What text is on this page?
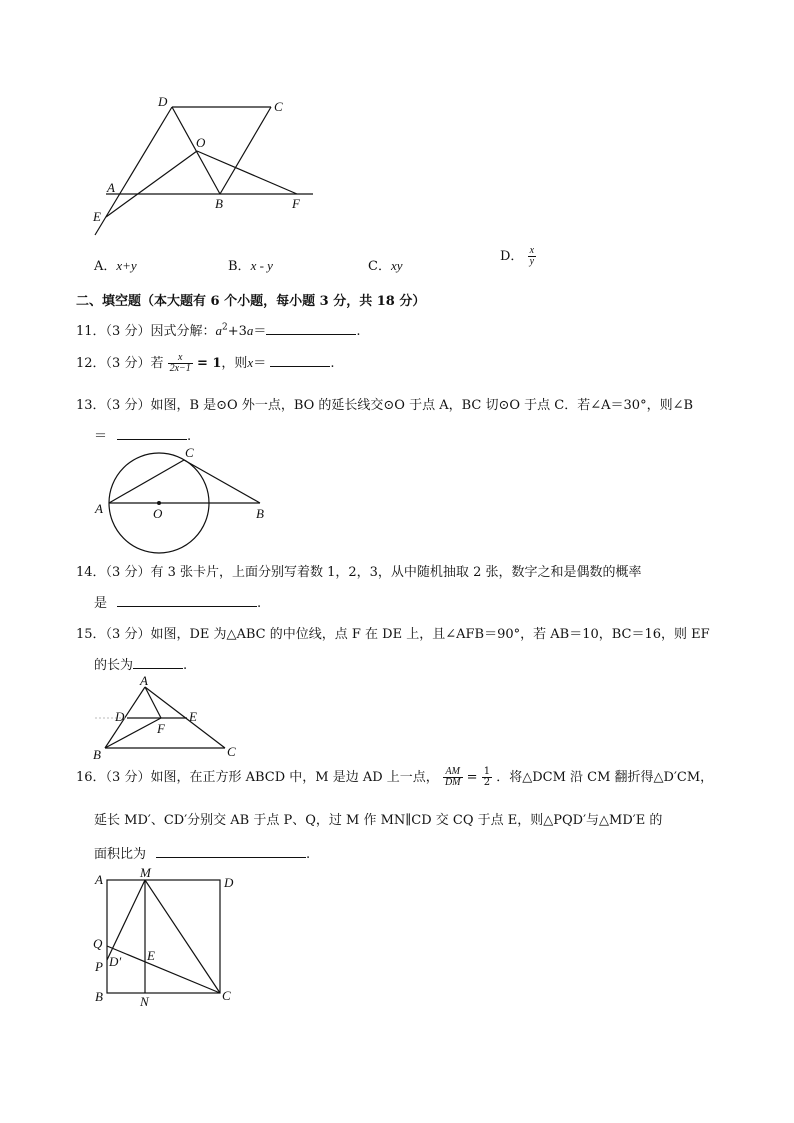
D	C
O
A
B	F
E
A．x+y	B．x - y	C．xy
D． $\frac{x}{y}$
二、填空题（本大题有 6 个小题，每小题 3 分，共 18 分）
11．（3 分）因式分解：$a^2+3a=$	.
12．（3 分）若 $\frac{x}{2x-1} = 1$，则x＝	.
13．（3 分）如图，B 是⊙O 外一点，BO 的延长线交⊙O 于点 A，BC 切⊙O 于点 C．若∠A＝30°，则∠B
＝	.
A	O	B
C
14．（3 分）有 3 张卡片，上面分别写着数 1，2，3，从中随机抽取 2 张，数字之和是偶数的概率
是	.
15．（3 分）如图，DE 为△ABC 的中位线，点 F 在 DE 上，且∠AFB＝90°，若 AB＝10，BC＝16，则 EF
的长为	.
A
D	E
F
B	C
16．（3 分）如图，在正方形 ABCD 中，M 是边 AD 上一点， $\frac{AM}{DM} = \frac{1}{2}$ ．将△DCM 沿 CM 翻折得△D′CM，
延长 MD′、CD′分别交 AB 于点 P、Q，过 M 作 MN∥CD 交 CQ 于点 E，则△PQD′与△MD′E 的
面积比为	.
A	M
D
Q
P D′ E
B	N	C
